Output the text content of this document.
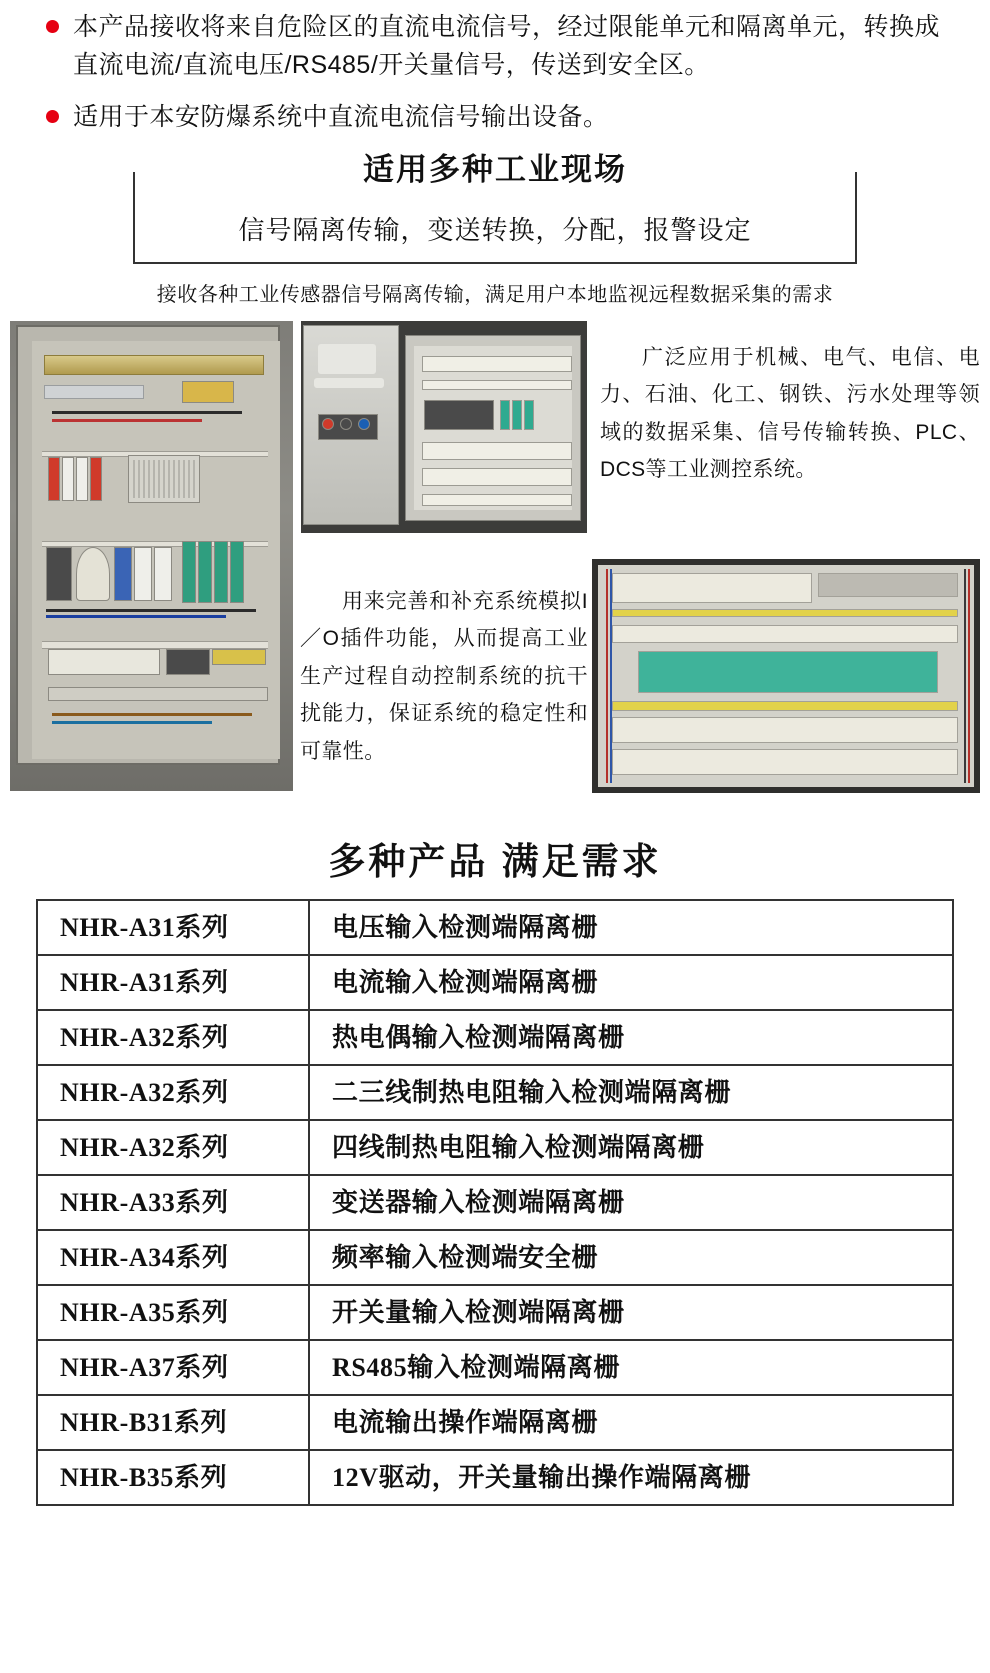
本产品接收将来自危险区的直流电流信号，经过限能单元和隔离单元，转换成直流电流/直流电压/RS485/开关量信号，传送到安全区。
适用于本安防爆系统中直流电流信号输出设备。
适用多种工业现场
信号隔离传输，变送转换，分配，报警设定
接收各种工业传感器信号隔离传输，满足用户本地监视远程数据采集的需求
广泛应用于机械、电气、电信、电力、石油、化工、钢铁、污水处理等领域的数据采集、信号传输转换、PLC、DCS等工业测控系统。
用来完善和补充系统模拟I／O插件功能，从而提高工业生产过程自动控制系统的抗干扰能力，保证系统的稳定性和可靠性。
多种产品 满足需求
NHR-A31系列	电压输入检测端隔离栅
NHR-A31系列	电流输入检测端隔离栅
NHR-A32系列	热电偶输入检测端隔离栅
NHR-A32系列	二三线制热电阻输入检测端隔离栅
NHR-A32系列	四线制热电阻输入检测端隔离栅
NHR-A33系列	变送器输入检测端隔离栅
NHR-A34系列	频率输入检测端安全栅
NHR-A35系列	开关量输入检测端隔离栅
NHR-A37系列	RS485输入检测端隔离栅
NHR-B31系列	电流输出操作端隔离栅
NHR-B35系列	12V驱动，开关量输出操作端隔离栅
